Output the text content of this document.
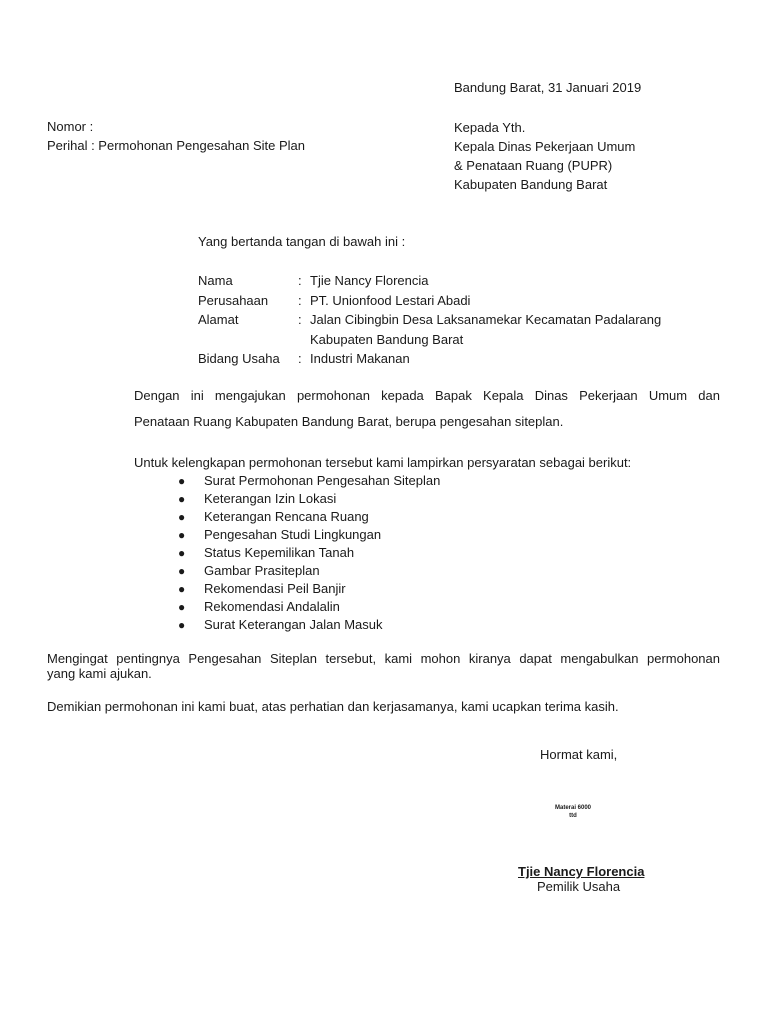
Bandung Barat, 31 Januari 2019
Nomor :
Perihal : Permohonan Pengesahan Site Plan
Kepada Yth.
Kepala Dinas Pekerjaan Umum
& Penataan Ruang (PUPR)
Kabupaten Bandung Barat
Yang bertanda tangan di bawah ini :
Nama	: Tjie Nancy Florencia
Perusahaan : PT. Unionfood Lestari Abadi
Alamat	: Jalan Cibingbin Desa Laksanamekar Kecamatan Padalarang
Kabupaten Bandung Barat
Bidang Usaha : Industri Makanan
Dengan ini mengajukan permohonan kepada Bapak Kepala Dinas Pekerjaan Umum dan
Penataan Ruang Kabupaten Bandung Barat, berupa pengesahan siteplan.
Untuk kelengkapan permohonan tersebut kami lampirkan persyaratan sebagai berikut:
● Surat Permohonan Pengesahan Siteplan
● Keterangan Izin Lokasi
● Keterangan Rencana Ruang
● Pengesahan Studi Lingkungan
● Status Kepemilikan Tanah
● Gambar Prasiteplan
● Rekomendasi Peil Banjir
● Rekomendasi Andalalin
● Surat Keterangan Jalan Masuk
Mengingat pentingnya Pengesahan Siteplan tersebut, kami mohon kiranya dapat mengabulkan permohonan
yang kami ajukan.
Demikian permohonan ini kami buat, atas perhatian dan kerjasamanya, kami ucapkan terima kasih.
Hormat kami,
Materai 6000
ttd
Tjie Nancy Florencia
Pemilik Usaha
